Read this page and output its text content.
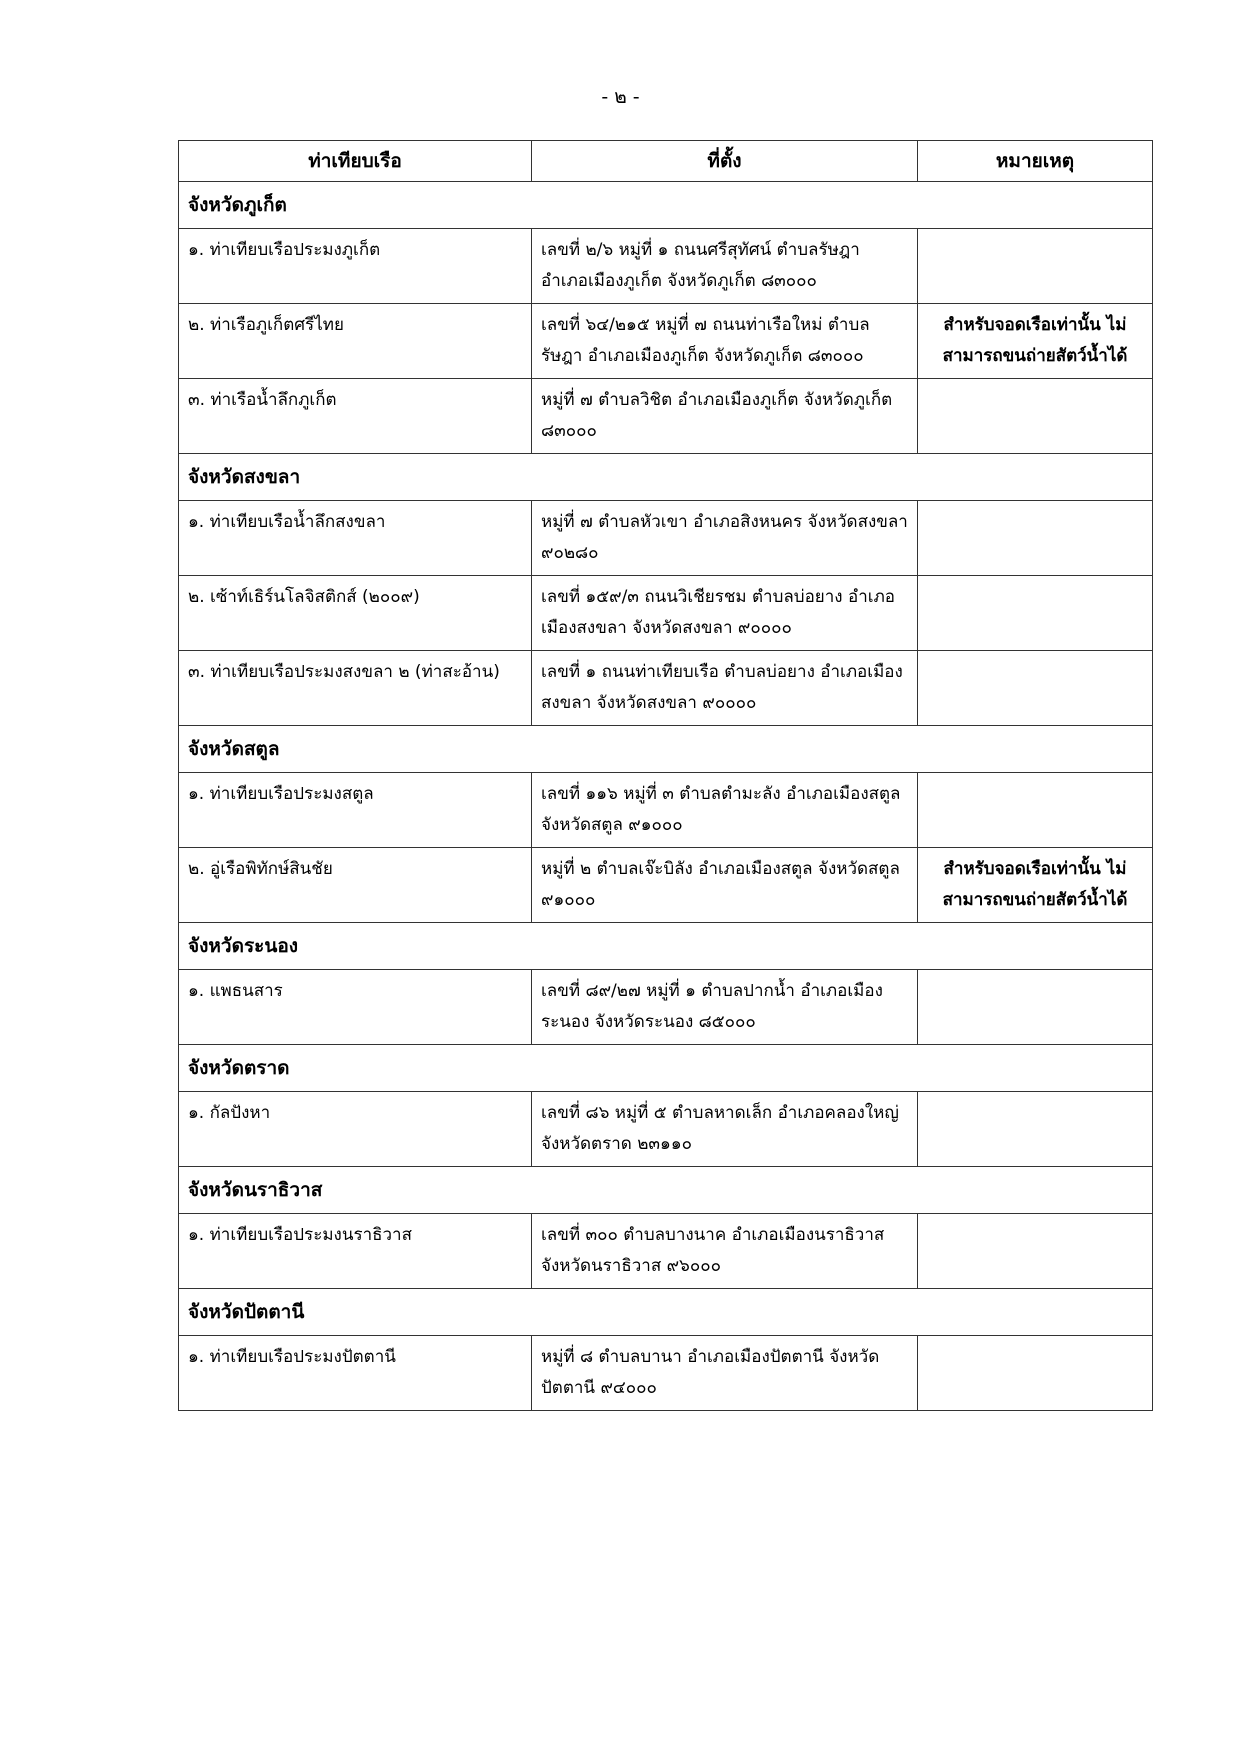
- ๒ -
ท่าเทียบเรือ	ที่ตั้ง	หมายเหตุ
จังหวัดภูเก็ต		
๑. ท่าเทียบเรือประมงภูเก็ต	เลขที่ ๒/๖ หมู่ที่ ๑ ถนนศรีสุทัศน์ ตำบลรัษฎา อำเภอเมืองภูเก็ต จังหวัดภูเก็ต ๘๓๐๐๐	
๒. ท่าเรือภูเก็ตศรีไทย	เลขที่ ๖๔/๒๑๕ หมู่ที่ ๗ ถนนท่าเรือใหม่ ตำบลรัษฎา อำเภอเมืองภูเก็ต จังหวัดภูเก็ต ๘๓๐๐๐	สำหรับจอดเรือเท่านั้น ไม่สามารถขนถ่ายสัตว์น้ำได้
๓. ท่าเรือน้ำลึกภูเก็ต	หมู่ที่ ๗ ตำบลวิชิต อำเภอเมืองภูเก็ต จังหวัดภูเก็ต ๘๓๐๐๐	
จังหวัดสงขลา		
๑. ท่าเทียบเรือน้ำลึกสงขลา	หมู่ที่ ๗ ตำบลหัวเขา อำเภอสิงหนคร จังหวัดสงขลา ๙๐๒๘๐	
๒. เซ้าท์เธิร์นโลจิสติกส์ (๒๐๐๙)	เลขที่ ๑๕๙/๓ ถนนวิเชียรชม ตำบลบ่อยาง อำเภอเมืองสงขลา จังหวัดสงขลา ๙๐๐๐๐	
๓. ท่าเทียบเรือประมงสงขลา ๒ (ท่าสะอ้าน)	เลขที่ ๑ ถนนท่าเทียบเรือ ตำบลบ่อยาง อำเภอเมืองสงขลา จังหวัดสงขลา ๙๐๐๐๐	
จังหวัดสตูล		
๑. ท่าเทียบเรือประมงสตูล	เลขที่ ๑๑๖ หมู่ที่ ๓ ตำบลตำมะลัง อำเภอเมืองสตูล จังหวัดสตูล ๙๑๐๐๐	
๒. อู่เรือพิทักษ์สินชัย	หมู่ที่ ๒ ตำบลเจ๊ะบิลัง อำเภอเมืองสตูล จังหวัดสตูล ๙๑๐๐๐	สำหรับจอดเรือเท่านั้น ไม่สามารถขนถ่ายสัตว์น้ำได้
จังหวัดระนอง		
๑. แพธนสาร	เลขที่ ๘๙/๒๗ หมู่ที่ ๑ ตำบลปากน้ำ อำเภอเมืองระนอง จังหวัดระนอง ๘๕๐๐๐	
จังหวัดตราด		
๑. กัลปังหา	เลขที่ ๘๖ หมู่ที่ ๕ ตำบลหาดเล็ก อำเภอคลองใหญ่ จังหวัดตราด ๒๓๑๑๐	
จังหวัดนราธิวาส		
๑. ท่าเทียบเรือประมงนราธิวาส	เลขที่ ๓๐๐ ตำบลบางนาค อำเภอเมืองนราธิวาส จังหวัดนราธิวาส ๙๖๐๐๐	
จังหวัดปัตตานี		
๑. ท่าเทียบเรือประมงปัตตานี	หมู่ที่ ๘ ตำบลบานา อำเภอเมืองปัตตานี จังหวัดปัตตานี ๙๔๐๐๐	
